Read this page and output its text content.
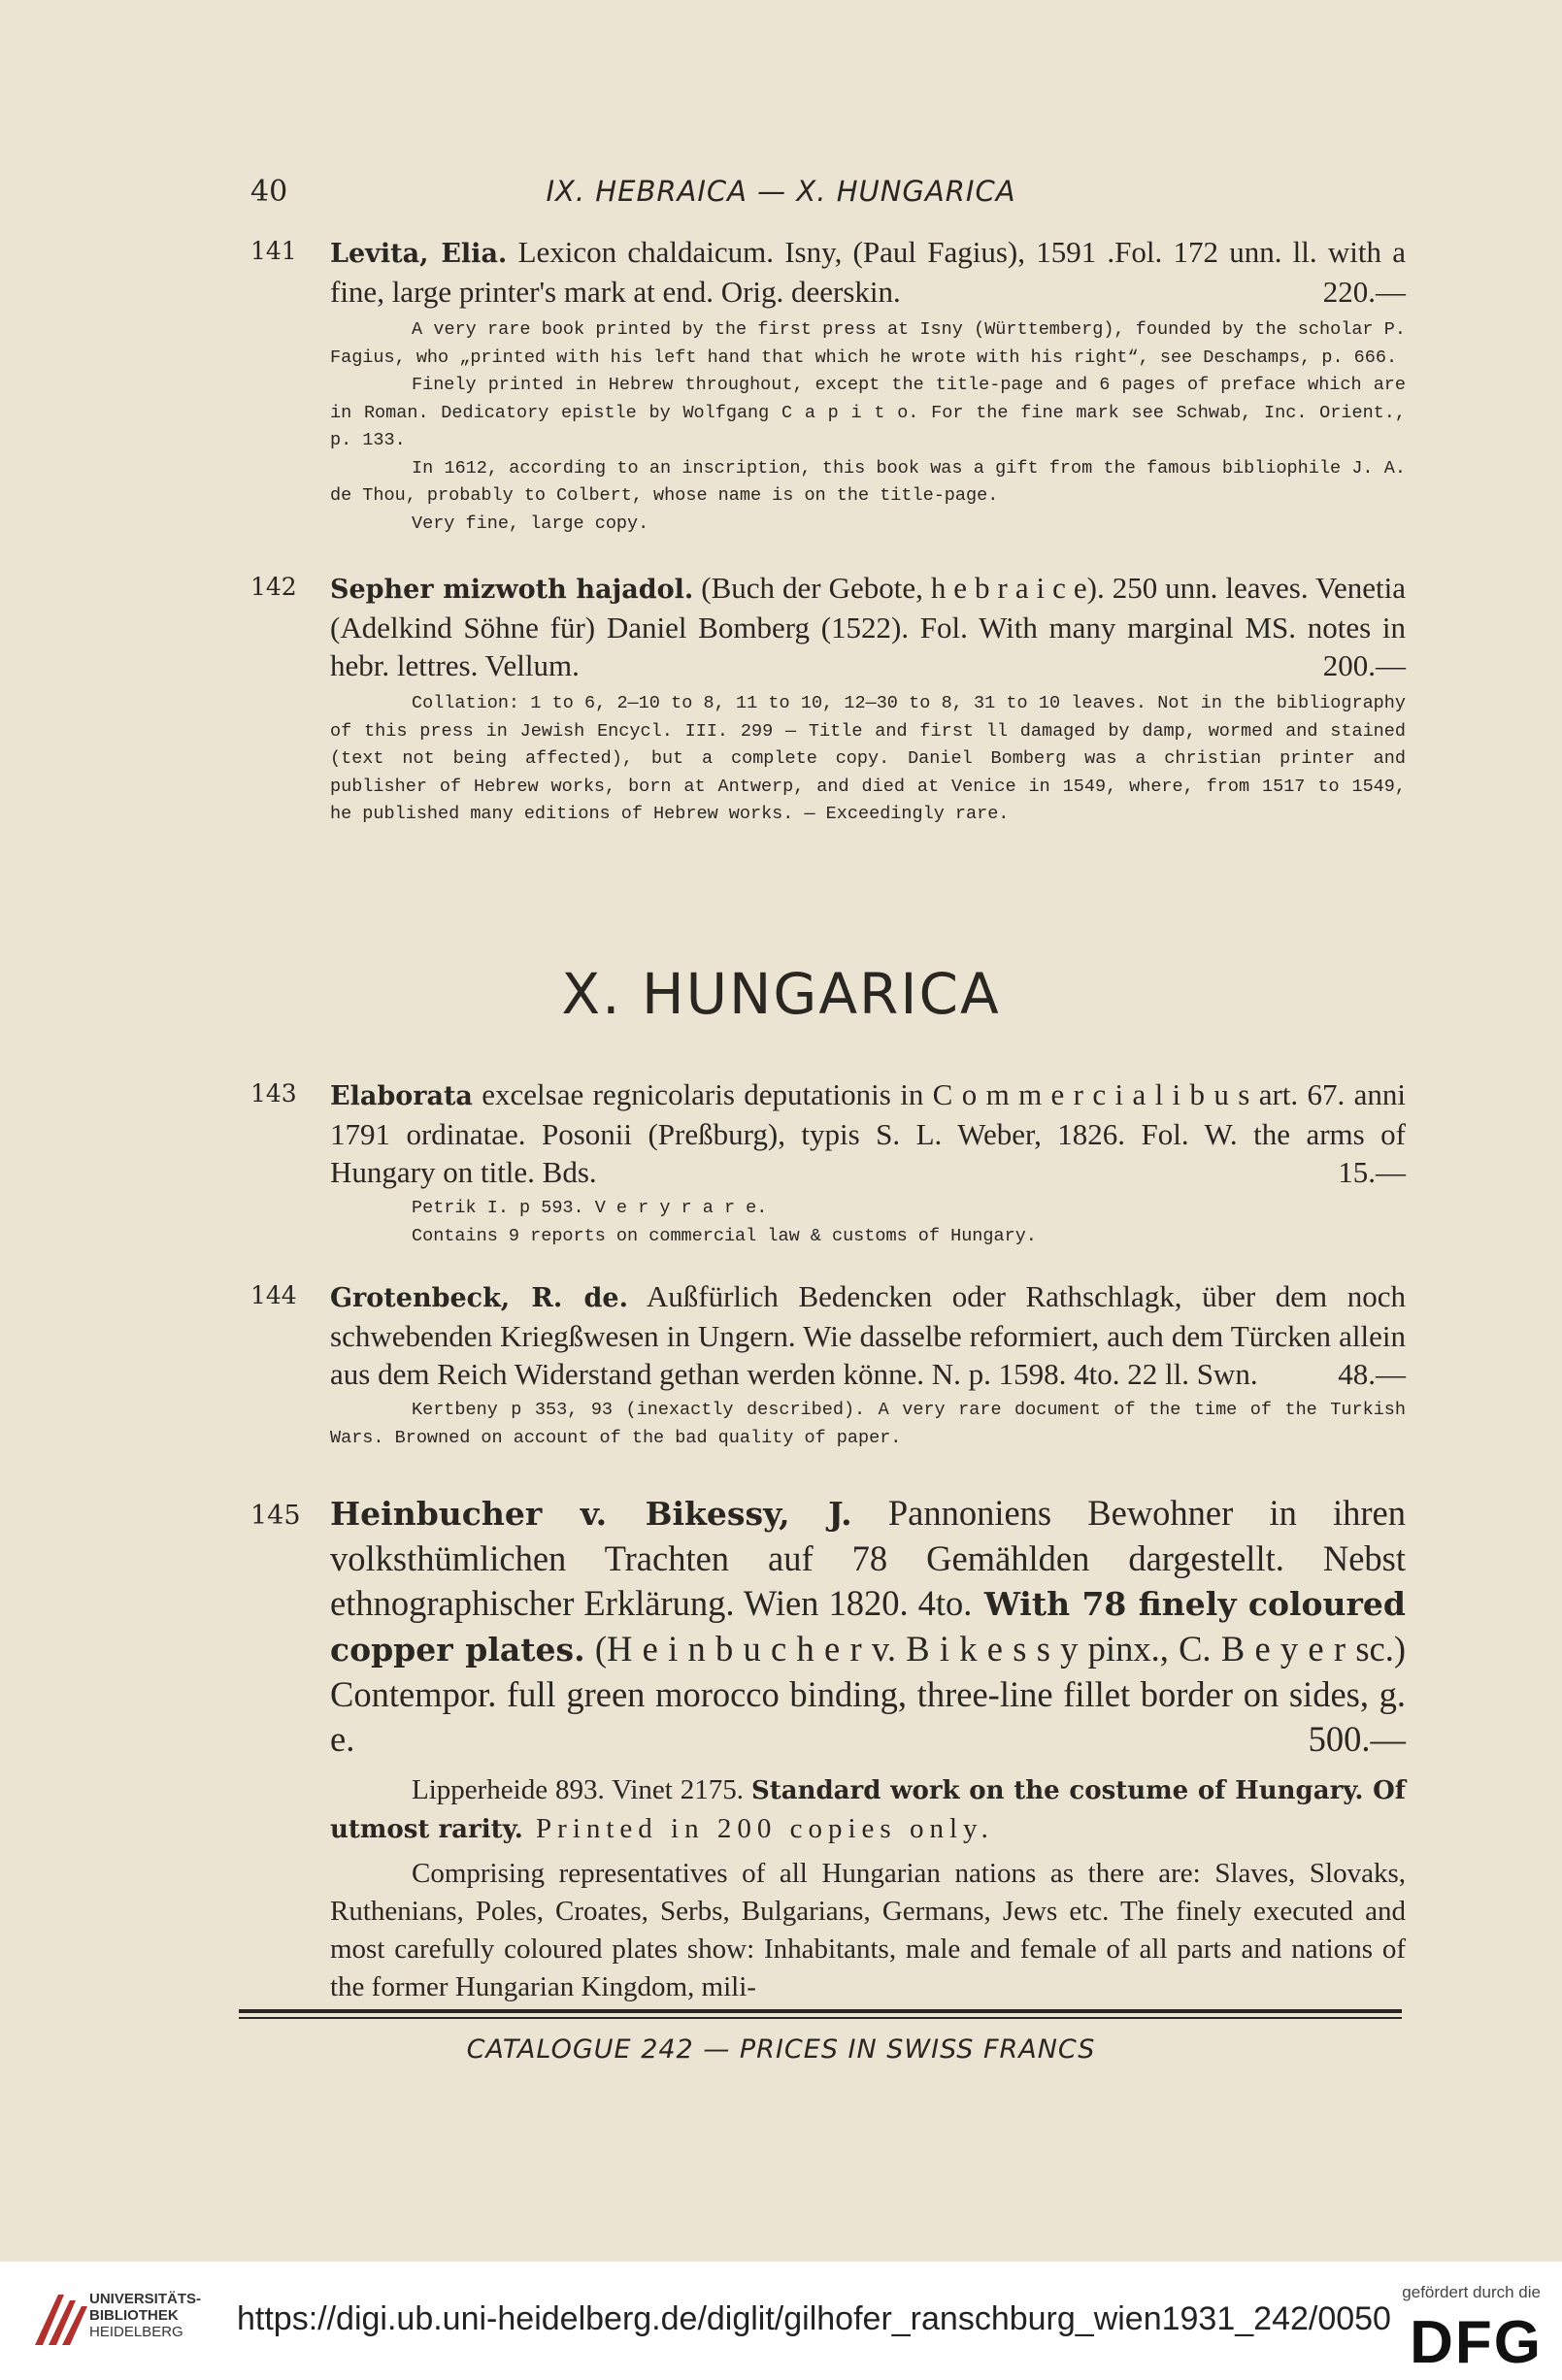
40	IX. HEBRAICA — X. HUNGARICA
141 Levita, Elia. Lexicon chaldaicum. Isny, (Paul Fagius), 1591 .Fol. 172 unn. ll. with a fine, large printer's mark at end. Orig. deerskin.	220.—

A very rare book printed by the first press at Isny (Württemberg), founded by the scholar P. Fagius, who „printed with his left hand that which he wrote with his right“, see Deschamps, p. 666.

Finely printed in Hebrew throughout, except the title-page and 6 pages of preface which are in Roman. Dedicatory epistle by Wolfgang C a p i t o. For the fine mark see Schwab, Inc. Orient., p. 133.

In 1612, according to an inscription, this book was a gift from the famous bibliophile J. A. de Thou, probably to Colbert, whose name is on the title-page.

Very fine, large copy.

142 Sepher mizwoth hajadol. (Buch der Gebote, h e b r a i c e). 250 unn. leaves. Venetia (Adelkind Söhne für) Daniel Bomberg (1522). Fol. With many marginal MS. notes in hebr. lettres. Vellum.	200.—

Collation: 1 to 6, 2—10 to 8, 11 to 10, 12—30 to 8, 31 to 10 leaves. Not in the bibliography of this press in Jewish Encycl. III. 299 — Title and first ll damaged by damp, wormed and stained (text not being affected), but a complete copy. Daniel Bomberg was a christian printer and publisher of Hebrew works, born at Antwerp, and died at Venice in 1549, where, from 1517 to 1549, he published many editions of Hebrew works. — Exceedingly rare.

X. HUNGARICA
143 Elaborata excelsae regnicolaris deputationis in C o m m e r c i a l i b u s art. 67. anni 1791 ordinatae. Posonii (Preßburg), typis S. L. Weber, 1826. Fol. W. the arms of Hungary on title. Bds.	15.—

Petrik I. p 593. V e r y r a r e.

Contains 9 reports on commercial law & customs of Hungary.

144 Grotenbeck, R. de. Außfürlich Bedencken oder Rathschlagk, über dem noch schwebenden Kriegßwesen in Ungern. Wie dasselbe reformiert, auch dem Türcken allein aus dem Reich Widerstand gethan werden könne. N. p. 1598. 4to. 22 ll. Swn.	48.—

Kertbeny p 353, 93 (inexactly described). A very rare document of the time of the Turkish Wars. Browned on account of the bad quality of paper.

145 Heinbucher v. Bikessy, J. Pannoniens Bewohner in ihren volksthümlichen Trachten auf 78 Gemählden dargestellt. Nebst ethnographischer Erklärung. Wien 1820. 4to. With 78 finely coloured copper plates. (H e i n b u c h e r v. B i k e s s y pinx., C. B e y e r sc.) Contempor. full green morocco binding, three-line fillet border on sides, g. e.	500.—

Lipperheide 893. Vinet 2175. Standard work on the costume of Hungary. Of utmost rarity. Printed in 200 copies only.

Comprising representatives of all Hungarian nations as there are: Slaves, Slovaks, Ruthenians, Poles, Croates, Serbs, Bulgarians, Germans, Jews etc. The finely executed and most carefully coloured plates show: Inhabitants, male and female of all parts and nations of the former Hungarian Kingdom, mili-

CATALOGUE 242 — PRICES IN SWISS FRANCS
UNIVERSITÄTS-
BIBLIOTHEK
HEIDELBERG	https://digi.ub.uni-heidelberg.de/diglit/gilhofer_ranschburg_wien1931_242/0050
gefördert durch die
DFG
